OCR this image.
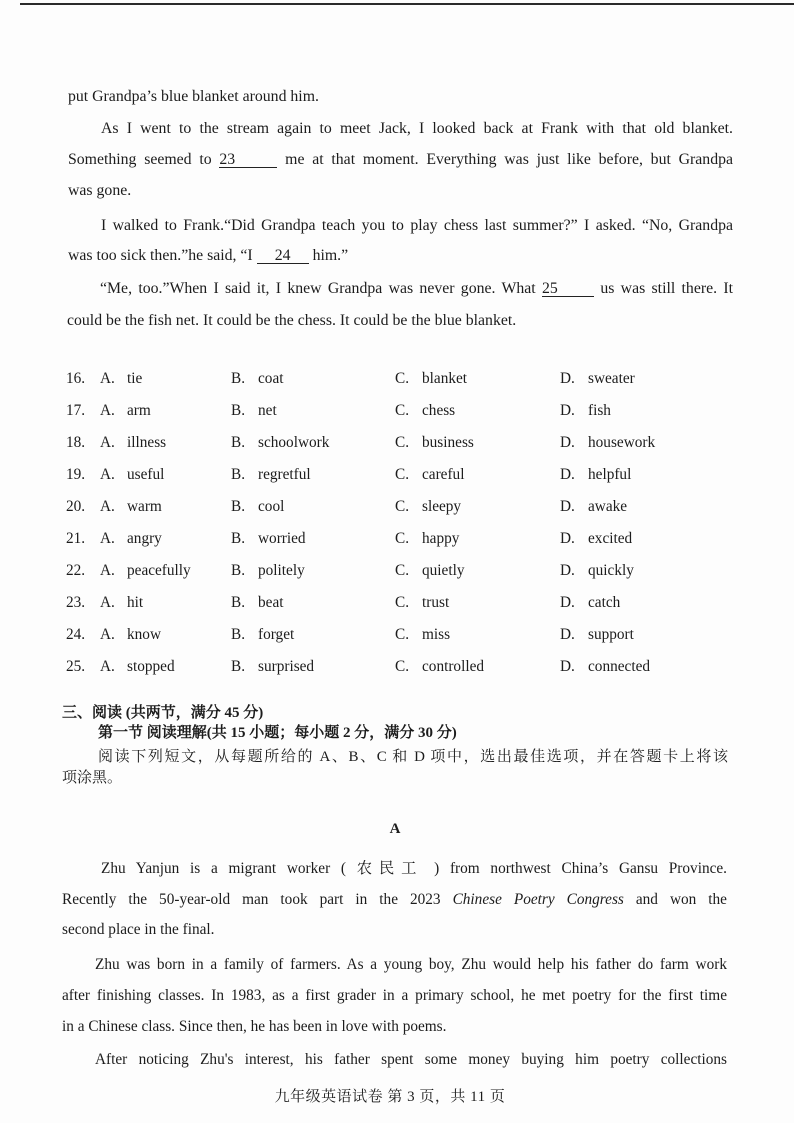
put Grandpa’s blue blanket around him.
As I went to the stream again to meet Jack, I looked back at Frank with that old blanket.
Something seemed to 23	me at that moment. Everything was just like before, but Grandpa
was gone.
I walked to Frank.“Did Grandpa teach you to play chess last summer?” I asked. “No, Grandpa
was too sick then.”he said, “I 24 him.”
“Me, too.”When I said it, I knew Grandpa was never gone. What 25	us was still there. It
could be the fish net. It could be the chess. It could be the blue blanket.
16. A. tie	B. coat	C. blanket	D. sweater
17. A. arm	B. net	C. chess	D. fish
18. A. illness	B. schoolwork	C. business	D. housework
19. A. useful	B. regretful	C. careful	D. helpful
20. A. warm	B. cool	C. sleepy	D. awake
21. A. angry	B. worried	C. happy	D. excited
22. A. peacefully	B. politely	C. quietly	D. quickly
23. A. hit	B. beat	C. trust	D. catch
24. A. know	B. forget	C. miss	D. support
25. A. stopped	B. surprised	C. controlled	D. connected
三、阅读 (共两节，满分 45 分)
第一节 阅读理解(共 15 小题；每小题 2 分，满分 30 分)
阅读下列短文，从每题所给的 A、B、C 和 D 项中，选出最佳选项，并在答题卡上将该
项涂黑。
A
Zhu Yanjun is a migrant worker ( 农民工 ) from northwest China’s Gansu Province.
Recently the 50-year-old man took part in the 2023 Chinese Poetry Congress and won the
second place in the final.
Zhu was born in a family of farmers. As a young boy, Zhu would help his father do farm work
after finishing classes. In 1983, as a first grader in a primary school, he met poetry for the first time
in a Chinese class. Since then, he has been in love with poems.
After noticing Zhu's interest, his father spent some money buying him poetry collections
九年级英语试卷 第 3 页，共 11 页
